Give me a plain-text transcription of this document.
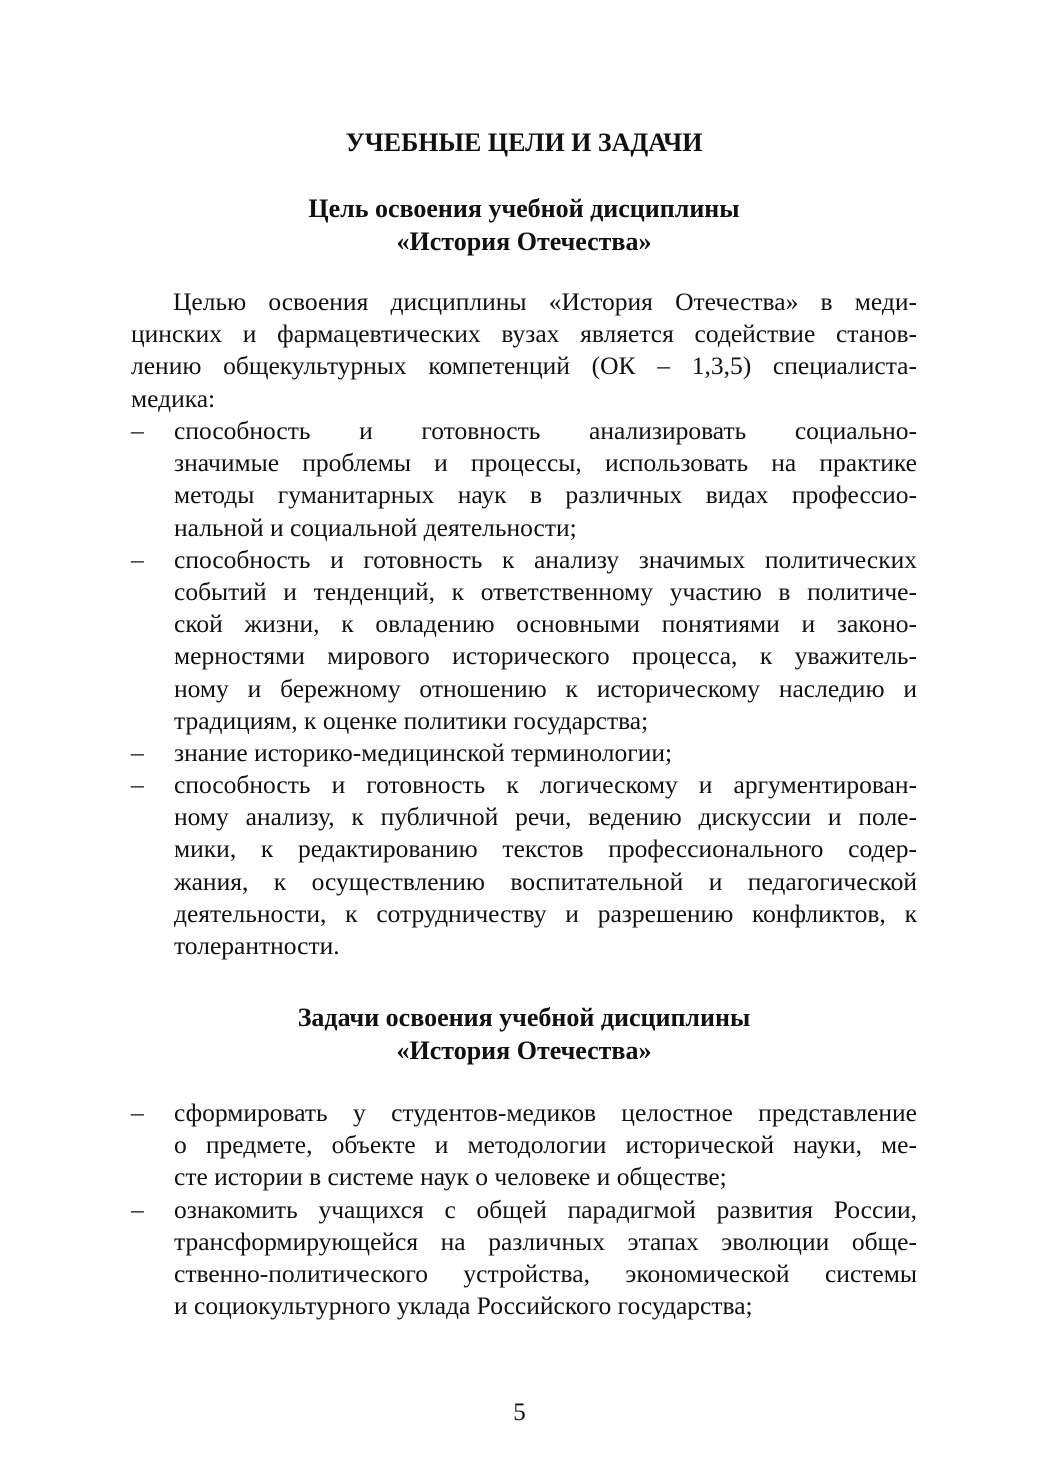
УЧЕБНЫЕ ЦЕЛИ И ЗАДАЧИ
Цель освоения учебной дисциплины
«История Отечества»
Целью освоения дисциплины «История Отечества» в меди-
цинских и фармацевтических вузах является содействие станов-
лению общекультурных компетенций (ОК – 1,3,5) специалиста-
медика:
– способность и готовность анализировать социально-
значимые проблемы и процессы, использовать на практике
методы гуманитарных наук в различных видах профессио-
нальной и социальной деятельности;
– способность и готовность к анализу значимых политических
событий и тенденций, к ответственному участию в политиче-
ской жизни, к овладению основными понятиями и законо-
мерностями мирового исторического процесса, к уважитель-
ному и бережному отношению к историческому наследию и
традициям, к оценке политики государства;
– знание историко-медицинской терминологии;
– способность и готовность к логическому и аргументирован-
ному анализу, к публичной речи, ведению дискуссии и поле-
мики, к редактированию текстов профессионального содер-
жания, к осуществлению воспитательной и педагогической
деятельности, к сотрудничеству и разрешению конфликтов, к
толерантности.
Задачи освоения учебной дисциплины
«История Отечества»
– сформировать у студентов-медиков целостное представление
о предмете, объекте и методологии исторической науки, ме-
сте истории в системе наук о человеке и обществе;
– ознакомить учащихся с общей парадигмой развития России,
трансформирующейся на различных этапах эволюции обще-
ственно-политического устройства, экономической системы
и социокультурного уклада Российского государства;
5
